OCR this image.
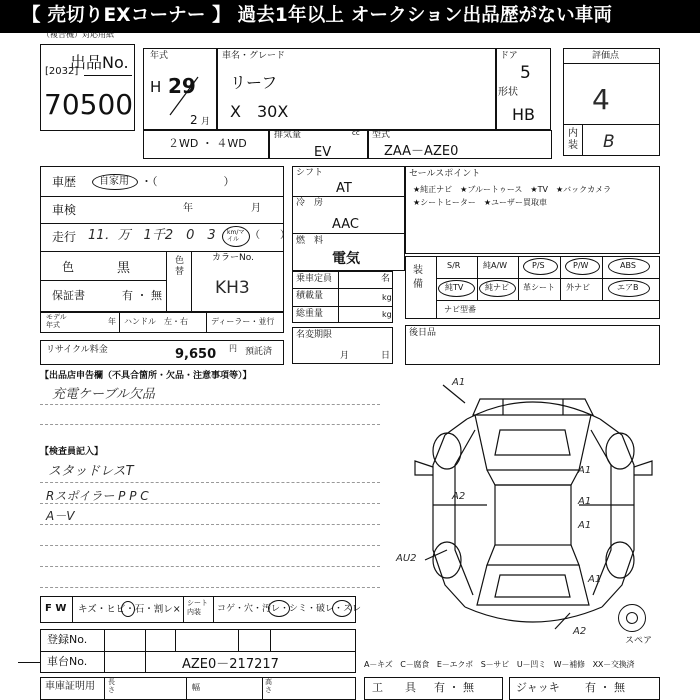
【 売切りEXコーナー 】 過去1年以上 オークション出品歴がない車両
（複合機）対応用紙
出品No.
[2032]
70500
年式
H 29
2 月
車名・グレード
リーフ
X　30X
ドア
5
形状
HB
評価点
4
内装 B
２WD ・ ４WD
排気量	cc
EV
型式
ZAA－AZE0
車歴 自家用 ・（　　　　　　）
車検	年	月
走行 11．万　1千2　0　3 km/マイル	（　　）
色	黒	色替
カラーNo.
KH3
保証書	有 ・ 無
モデル年式	年 ハンドル　左・右	ディーラー・並行
リサイクル料金	9,650 円 預託済
シフト
AT
冷　房
AAC
燃　料
電気
乗車定員	名
積載量	kg
総重量	kg
名変期限
月	日
セールスポイント
★純正ナビ　★ブルートゥース　★TV　★バックカメラ
★シートヒーター　★ユーザー買取車
装備
S/R	純A/W	P/S	P/W	ABS
純TV	純ナビ 革シート 外ナビ	エアB
ナビ型番
後日品
【出品店申告欄（不具合箇所・欠品・注意事項等）】
充電ケーブル欠品
【検査員記入】
スタッドレスT
Rスポイラー P P C
A－V
A1
A2
A1
A1
A1
AU2
A1
A2
スペア
F W キズ・ヒビ・石・割レ×
シート内装	コゲ・穴・汚レ・シミ・破レ・スレ
登録No.
車台No.	AZE0－217217
車庫証明用 長さ	幅
高さ
A－キズ　C－腐食　E－エクボ　S－サビ　U－凹ミ　W－補修　XX－交換済
工　　具 有 ・ 無	ジャッキ 有 ・ 無
